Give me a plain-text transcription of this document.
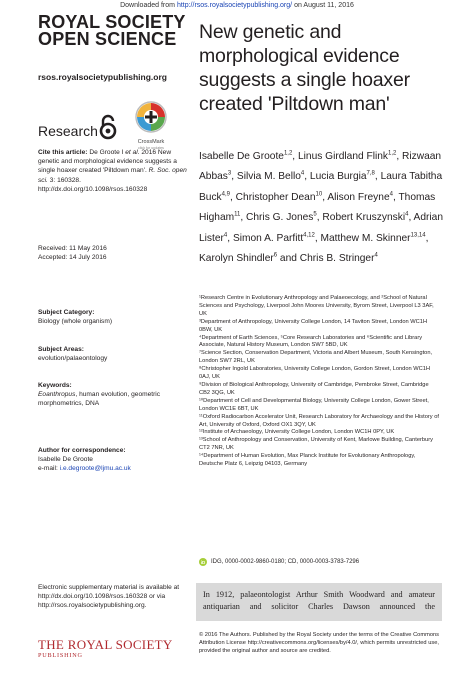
Downloaded from http://rsos.royalsocietypublishing.org/ on August 11, 2016
ROYAL SOCIETY
OPEN SCIENCE
rsos.royalsocietypublishing.org
Research
CrossMark
click for updates
Cite this article: De Groote I et al. 2016 New genetic and morphological evidence suggests a single hoaxer created 'Piltdown man'. R. Soc. open sci. 3: 160328.
http://dx.doi.org/10.1098/rsos.160328
Received: 11 May 2016
Accepted: 14 July 2016
Subject Category:
Biology (whole organism)
Subject Areas:
evolution/palaeontology
Keywords:
Eoanthropus, human evolution, geometric morphometrics, DNA
Author for correspondence:
Isabelle De Groote
e-mail: i.e.degroote@ljmu.ac.uk
New genetic and
morphological evidence
suggests a single hoaxer
created 'Piltdown man'
Isabelle De Groote$^{1,2}$, Linus Girdland Flink$^{1,2}$, Rizwaan Abbas$^3$, Silvia M. Bello$^4$, Lucia Burgia$^{7,8}$, Laura Tabitha Buck$^{4,9}$, Christopher Dean$^{10}$, Alison Freyne$^4$, Thomas Higham$^{11}$, Chris G. Jones$^5$, Robert Kruszynski$^4$, Adrian Lister$^4$, Simon A. Parfitt$^{4,12}$, Matthew M. Skinner$^{13,14}$, Karolyn Shindler$^6$ and Chris B. Stringer$^4$
¹Research Centre in Evolutionary Anthropology and Palaeoecology, and ²School of Natural Sciences and Psychology, Liverpool John Moores University, Byrom Street, Liverpool L3 3AF, UK
³Department of Anthropology, University College London, 14 Taviton Street, London WC1H 0BW, UK
⁴Department of Earth Sciences, ⁵Core Research Laboratories and ⁶Scientific and Library Associate, Natural History Museum, London SW7 5BD, UK
⁷Science Section, Conservation Department, Victoria and Albert Museum, South Kensington, London SW7 2RL, UK
⁸Christopher Ingold Laboratories, University College London, Gordon Street, London WC1H 0AJ, UK
⁹Division of Biological Anthropology, University of Cambridge, Pembroke Street, Cambridge CB2 3QG, UK
¹⁰Department of Cell and Developmental Biology, University College London, Gower Street, London WC1E 6BT, UK
¹¹Oxford Radiocarbon Accelerator Unit, Research Laboratory for Archaeology and the History of Art, University of Oxford, Oxford OX1 3QY, UK
¹²Institute of Archaeology, University College London, London WC1H 0PY, UK
¹³School of Anthropology and Conservation, University of Kent, Marlowe Building, Canterbury CT2 7NR, UK
¹⁴Department of Human Evolution, Max Planck Institute for Evolutionary Anthropology, Deutsche Platz 6, Leipzig 04103, Germany
iD IDG, 0000-0002-9860-0180; CD, 0000-0003-3783-7296
In 1912, palaeontologist Arthur Smith Woodward and amateur antiquarian and solicitor Charles Dawson announced the
Electronic supplementary material is available at http://dx.doi.org/10.1098/rsos.160328 or via http://rsos.royalsocietypublishing.org.
THE ROYAL SOCIETY
PUBLISHING
© 2016 The Authors. Published by the Royal Society under the terms of the Creative Commons Attribution License http://creativecommons.org/licenses/by/4.0/, which permits unrestricted use, provided the original author and source are credited.
